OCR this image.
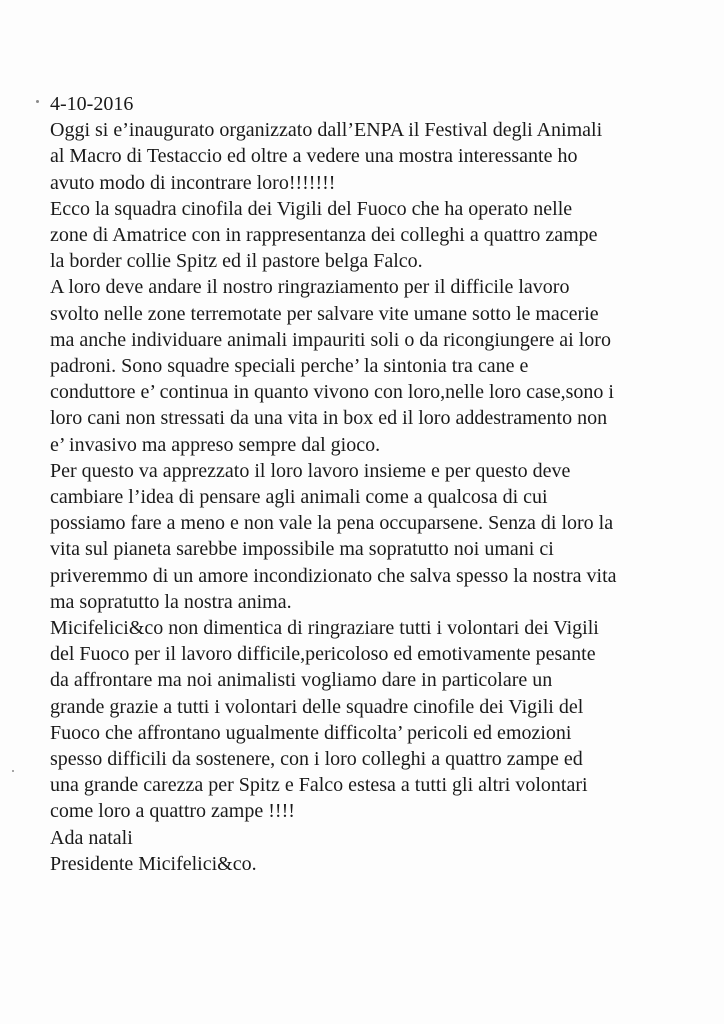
4-10-2016
Oggi si e’inaugurato organizzato dall’ENPA il Festival degli Animali
al Macro di Testaccio ed oltre a vedere una mostra interessante ho
avuto modo di incontrare loro!!!!!!!
Ecco la squadra cinofila dei Vigili del Fuoco che ha operato nelle
zone di Amatrice con in rappresentanza dei colleghi a quattro zampe
la border collie Spitz ed il pastore belga Falco.
A loro deve andare il nostro ringraziamento per il difficile lavoro
svolto nelle zone terremotate per salvare vite umane sotto le macerie
ma anche individuare animali impauriti soli o da ricongiungere ai loro
padroni. Sono squadre speciali perche’ la sintonia tra cane e
conduttore e’ continua in quanto vivono con loro,nelle loro case,sono i
loro cani non stressati da una vita in box ed il loro addestramento non
e’ invasivo ma appreso sempre dal gioco.
Per questo va apprezzato il loro lavoro insieme e per questo deve
cambiare l’idea di pensare agli animali come a qualcosa di cui
possiamo fare a meno e non vale la pena occuparsene. Senza di loro la
vita sul pianeta sarebbe impossibile ma sopratutto noi umani ci
priveremmo di un amore incondizionato che salva spesso la nostra vita
ma sopratutto la nostra anima.
Micifelici&co non dimentica di ringraziare tutti i volontari dei Vigili
del Fuoco per il lavoro difficile,pericoloso ed emotivamente pesante
da affrontare ma noi animalisti vogliamo dare in particolare un
grande grazie a tutti i volontari delle squadre cinofile dei Vigili del
Fuoco che affrontano ugualmente difficolta’ pericoli ed emozioni
spesso difficili da sostenere, con i loro colleghi a quattro zampe ed
una grande carezza per Spitz e Falco estesa a tutti gli altri volontari
come loro a quattro zampe !!!!
Ada natali
Presidente Micifelici&co.
